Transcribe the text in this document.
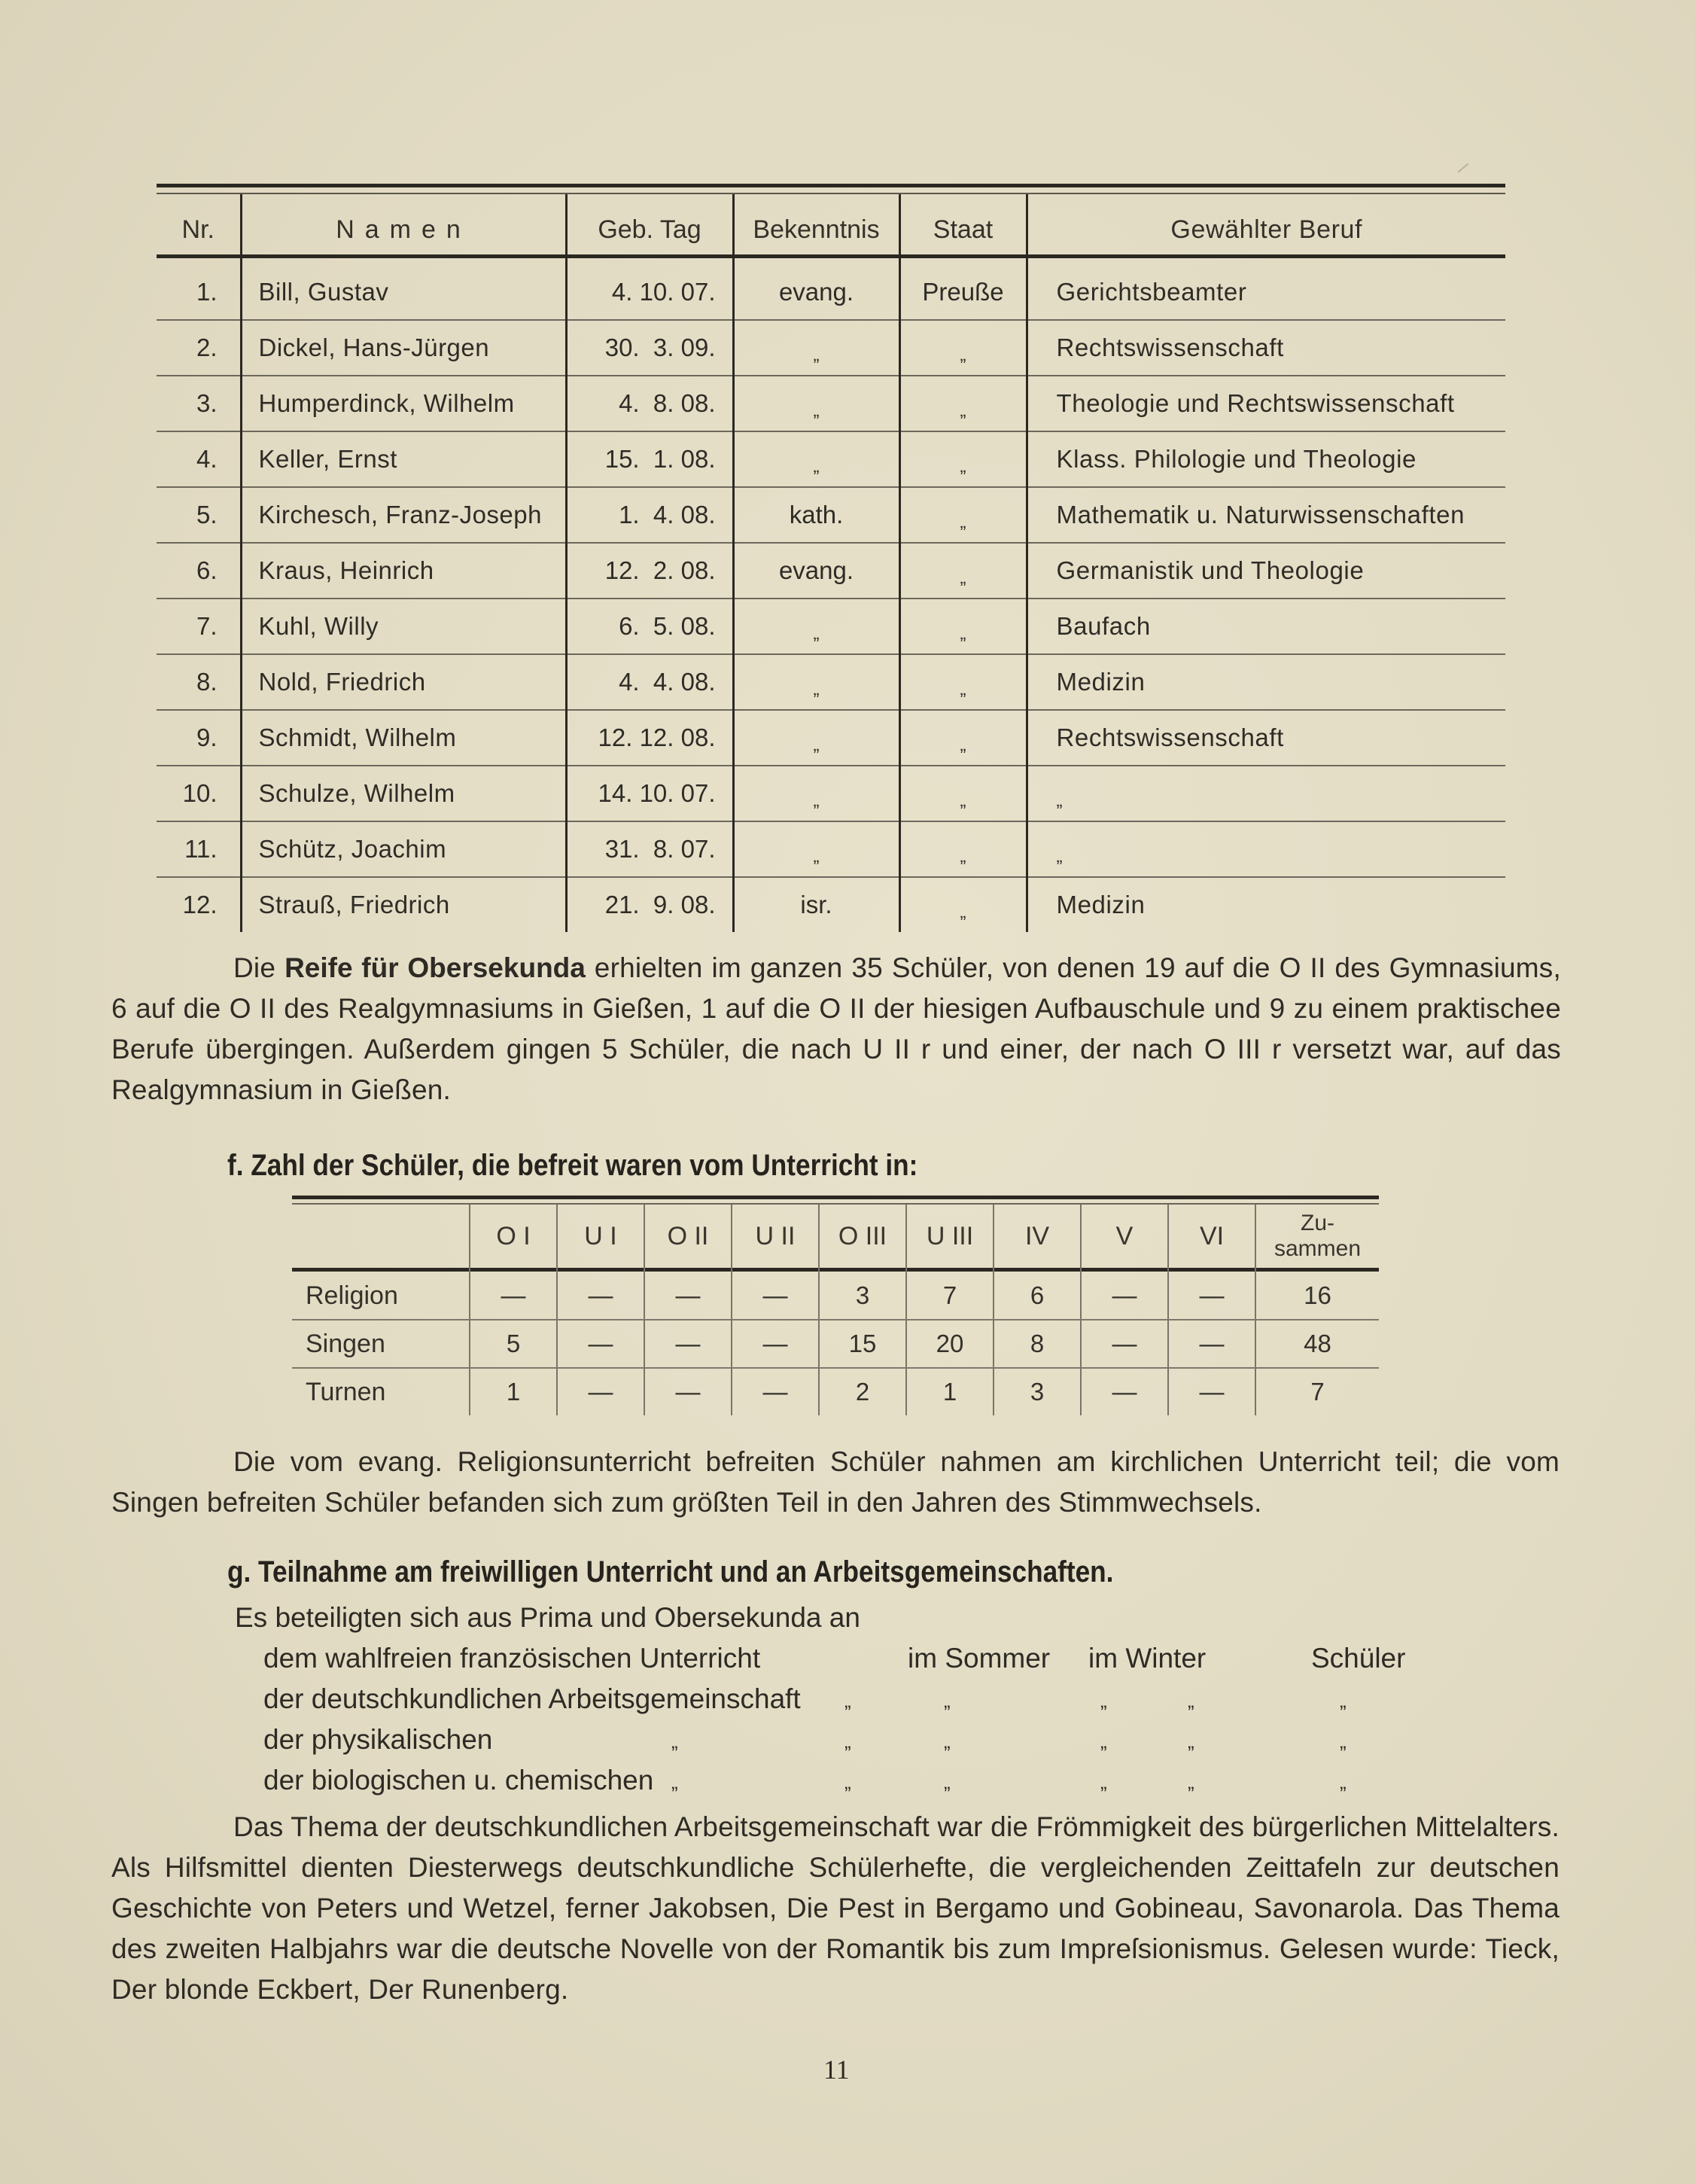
Nr.	Namen	Geb. Tag	Bekenntnis	Staat	Gewählter Beruf
1.	Bill, Gustav	4. 10. 07.	evang.	Preuße	Gerichtsbeamter
2.	Dickel, Hans-Jürgen	30.  3. 09.	„	„	Rechtswissenschaft
3.	Humperdinck, Wilhelm	4.  8. 08.	„	„	Theologie und Rechtswissenschaft
4.	Keller, Ernst	15.  1. 08.	„	„	Klass. Philologie und Theologie
5.	Kirchesch, Franz-Joseph	1.  4. 08.	kath.	„	Mathematik u. Naturwissenschaften
6.	Kraus, Heinrich	12.  2. 08.	evang.	„	Germanistik und Theologie
7.	Kuhl, Willy	6.  5. 08.	„	„	Baufach
8.	Nold, Friedrich	4.  4. 08.	„	„	Medizin
9.	Schmidt, Wilhelm	12. 12. 08.	„	„	Rechtswissenschaft
10.	Schulze, Wilhelm	14. 10. 07.	„	„	„
11.	Schütz, Joachim	31.  8. 07.	„	„	„
12.	Strauß, Friedrich	21.  9. 08.	isr.	„	Medizin
Die Reife für Obersekunda erhielten im ganzen 35 Schüler, von denen 19 auf die O II des Gymnasiums, 6 auf die O II des Realgymnasiums in Gießen, 1 auf die O II der hiesigen Aufbauschule und 9 zu einem praktischee Berufe übergingen. Außerdem gingen 5 Schüler, die nach U II r und einer, der nach O III r versetzt war, auf das Realgymnasium in Gießen.
f. Zahl der Schüler, die befreit waren vom Unterricht in:
	O I	U I	O II	U II	O III	U III	IV	V	VI	Zu-
sammen

Religion	—	—	—	—	3	7	6	—	—	16
Singen	5	—	—	—	15	20	8	—	—	48
Turnen	1	—	—	—	2	1	3	—	—	7
Die vom evang. Religionsunterricht befreiten Schüler nahmen am kirchlichen Unterricht teil; die vom Singen befreiten Schüler befanden sich zum größten Teil in den Jahren des Stimmwechsels.
g. Teilnahme am freiwilligen Unterricht und an Arbeitsgemeinschaften.
Es beteiligten sich aus Prima und Obersekunda an
dem wahlfreien französischen Unterricht	im Sommer im Winter	Schüler
der deutschkundlichen Arbeitsgemeinschaft „	„	„	„	„
der physikalischen	„	„	„	„	„	„
der biologischen u. chemischen „	„	„	„	„	„
Das Thema der deutschkundlichen Arbeitsgemeinschaft war die Frömmigkeit des bürgerlichen Mittelalters. Als Hilfsmittel dienten Diesterwegs deutschkundliche Schülerhefte, die vergleichenden Zeittafeln zur deutschen Geschichte von Peters und Wetzel, ferner Jakobsen, Die Pest in Bergamo und Gobineau, Savonarola. Das Thema des zweiten Halbjahrs war die deutsche Novelle von der Romantik bis zum Impreſsionismus. Gelesen wurde: Tieck, Der blonde Eckbert, Der Runenberg.
11
